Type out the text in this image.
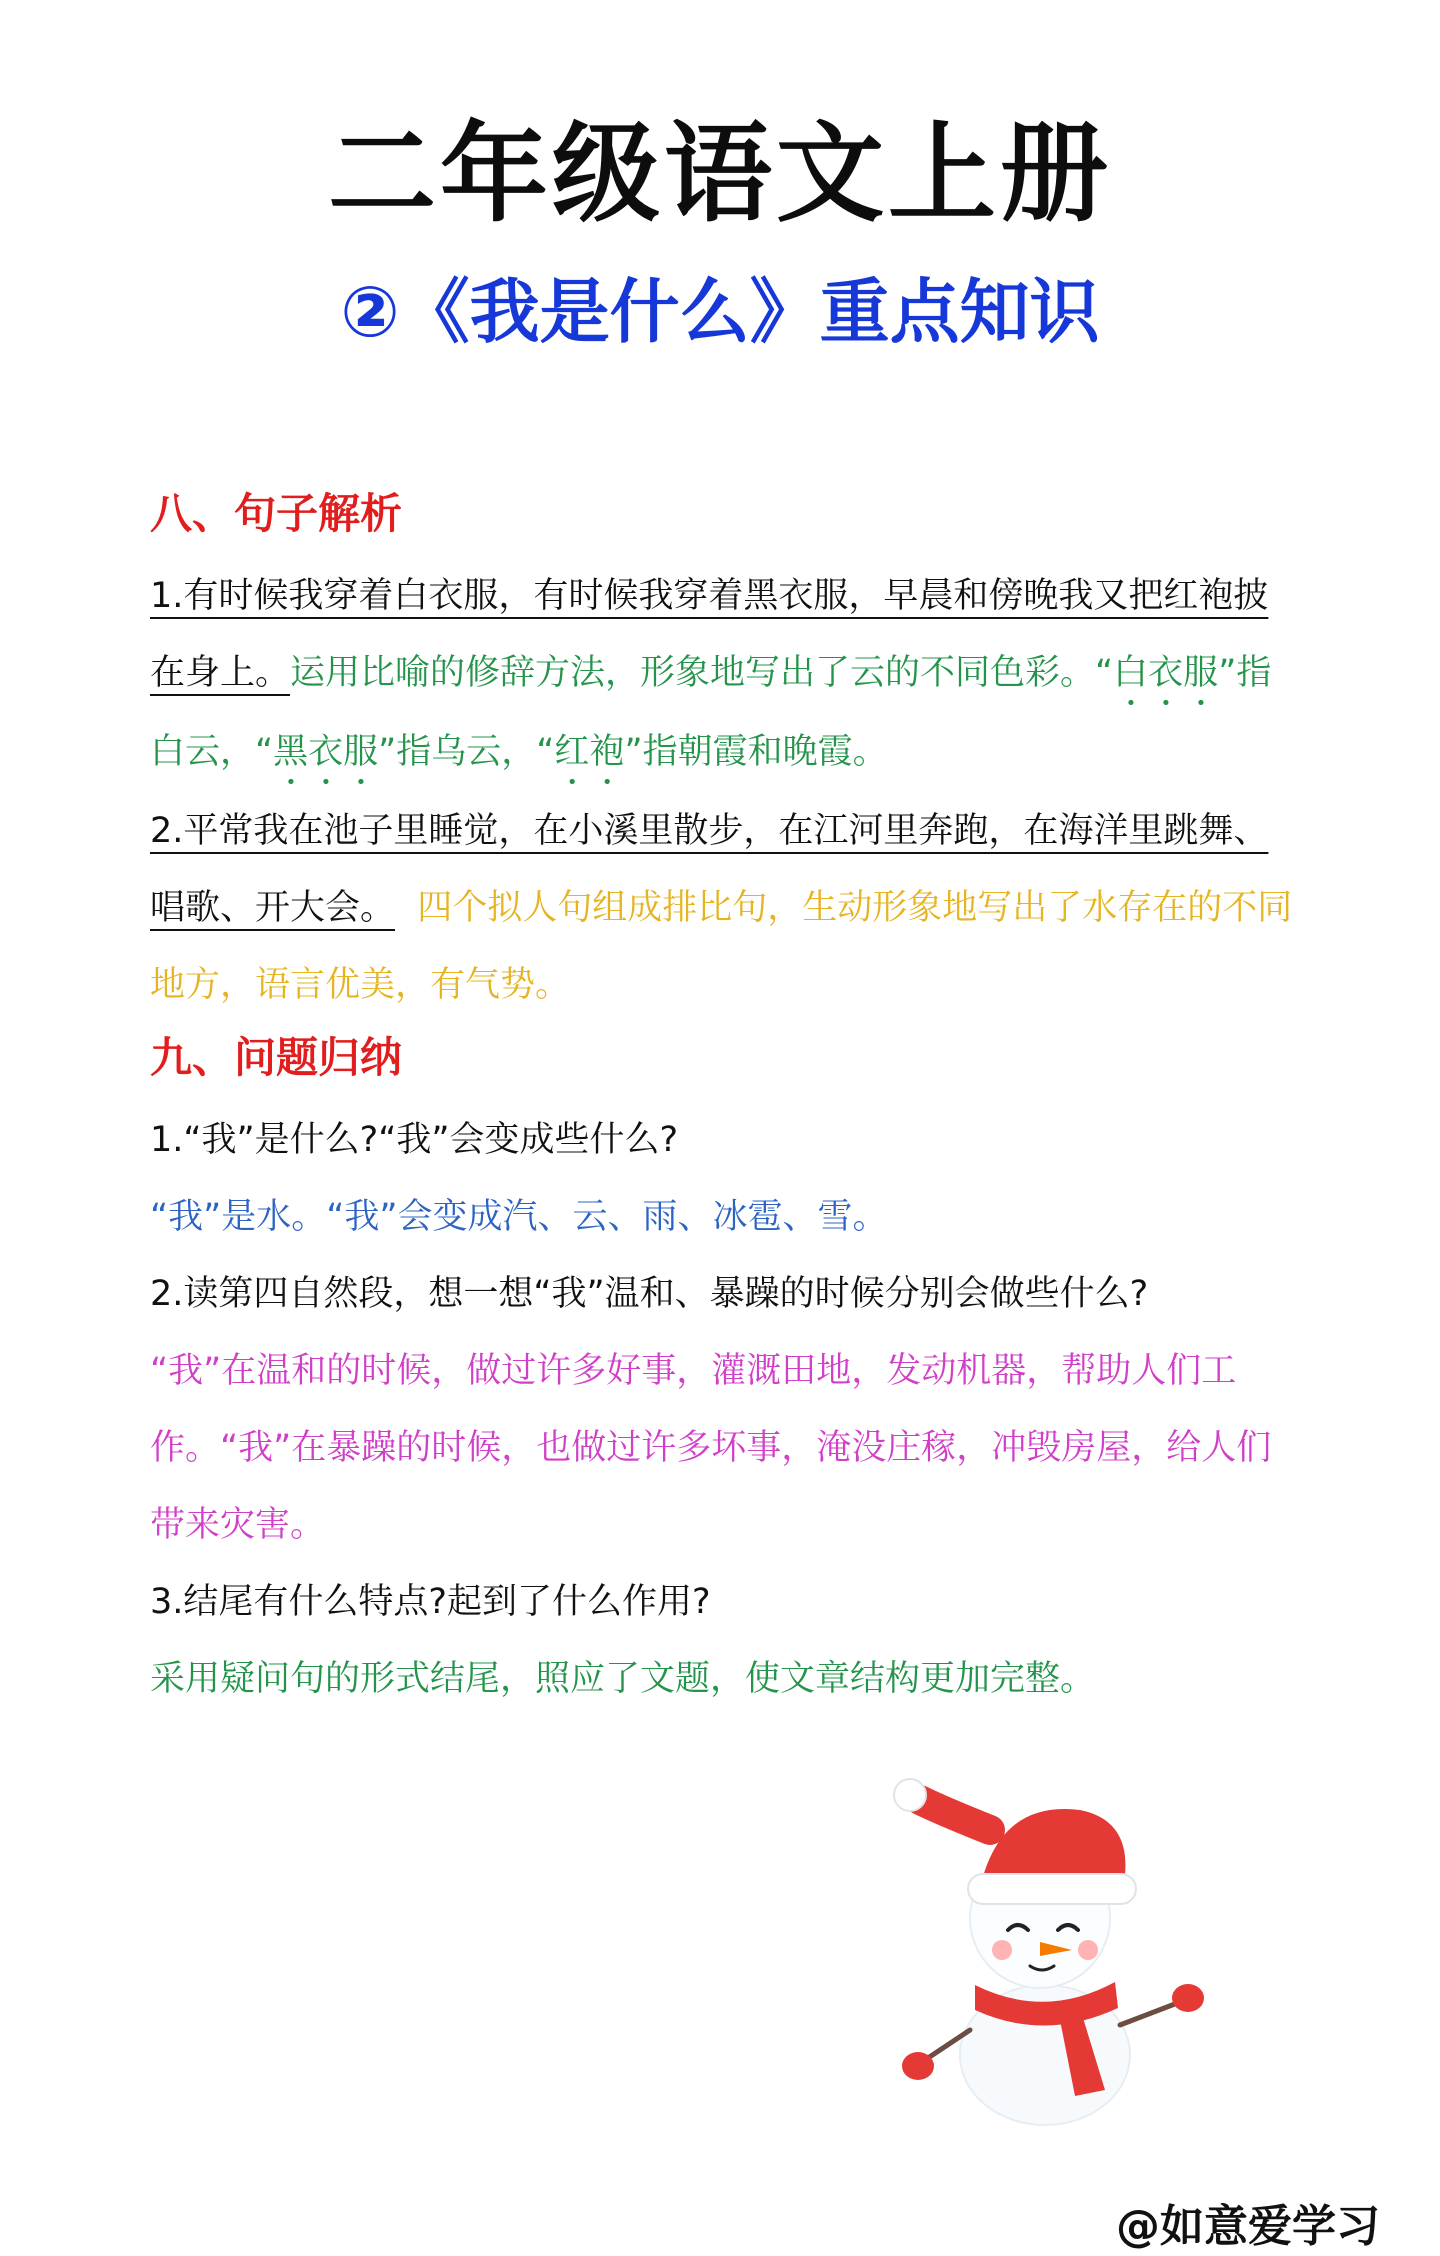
二年级语文上册
②《我是什么》重点知识
八、句子解析

1.有时候我穿着白衣服，有时候我穿着黑衣服，早晨和傍晚我又把红袍披在身上。运用比喻的修辞方法，形象地写出了云的不同色彩。“白衣服”指白云，“黑衣服”指乌云，“红袍”指朝霞和晚霞。

2.平常我在池子里睡觉，在小溪里散步，在江河里奔跑，在海洋里跳舞、唱歌、开大会。 四个拟人句组成排比句，生动形象地写出了水存在的不同地方，语言优美，有气势。

九、问题归纳

1.“我”是什么?“我”会变成些什么?

“我”是水。“我”会变成汽、云、雨、冰雹、雪。

2.读第四自然段，想一想“我”温和、暴躁的时候分别会做些什么?

“我”在温和的时候，做过许多好事，灌溉田地，发动机器，帮助人们工作。“我”在暴躁的时候，也做过许多坏事，淹没庄稼，冲毁房屋，给人们带来灾害。

3.结尾有什么特点?起到了什么作用?

采用疑问句的形式结尾，照应了文题，使文章结构更加完整。

@如意爱学习
